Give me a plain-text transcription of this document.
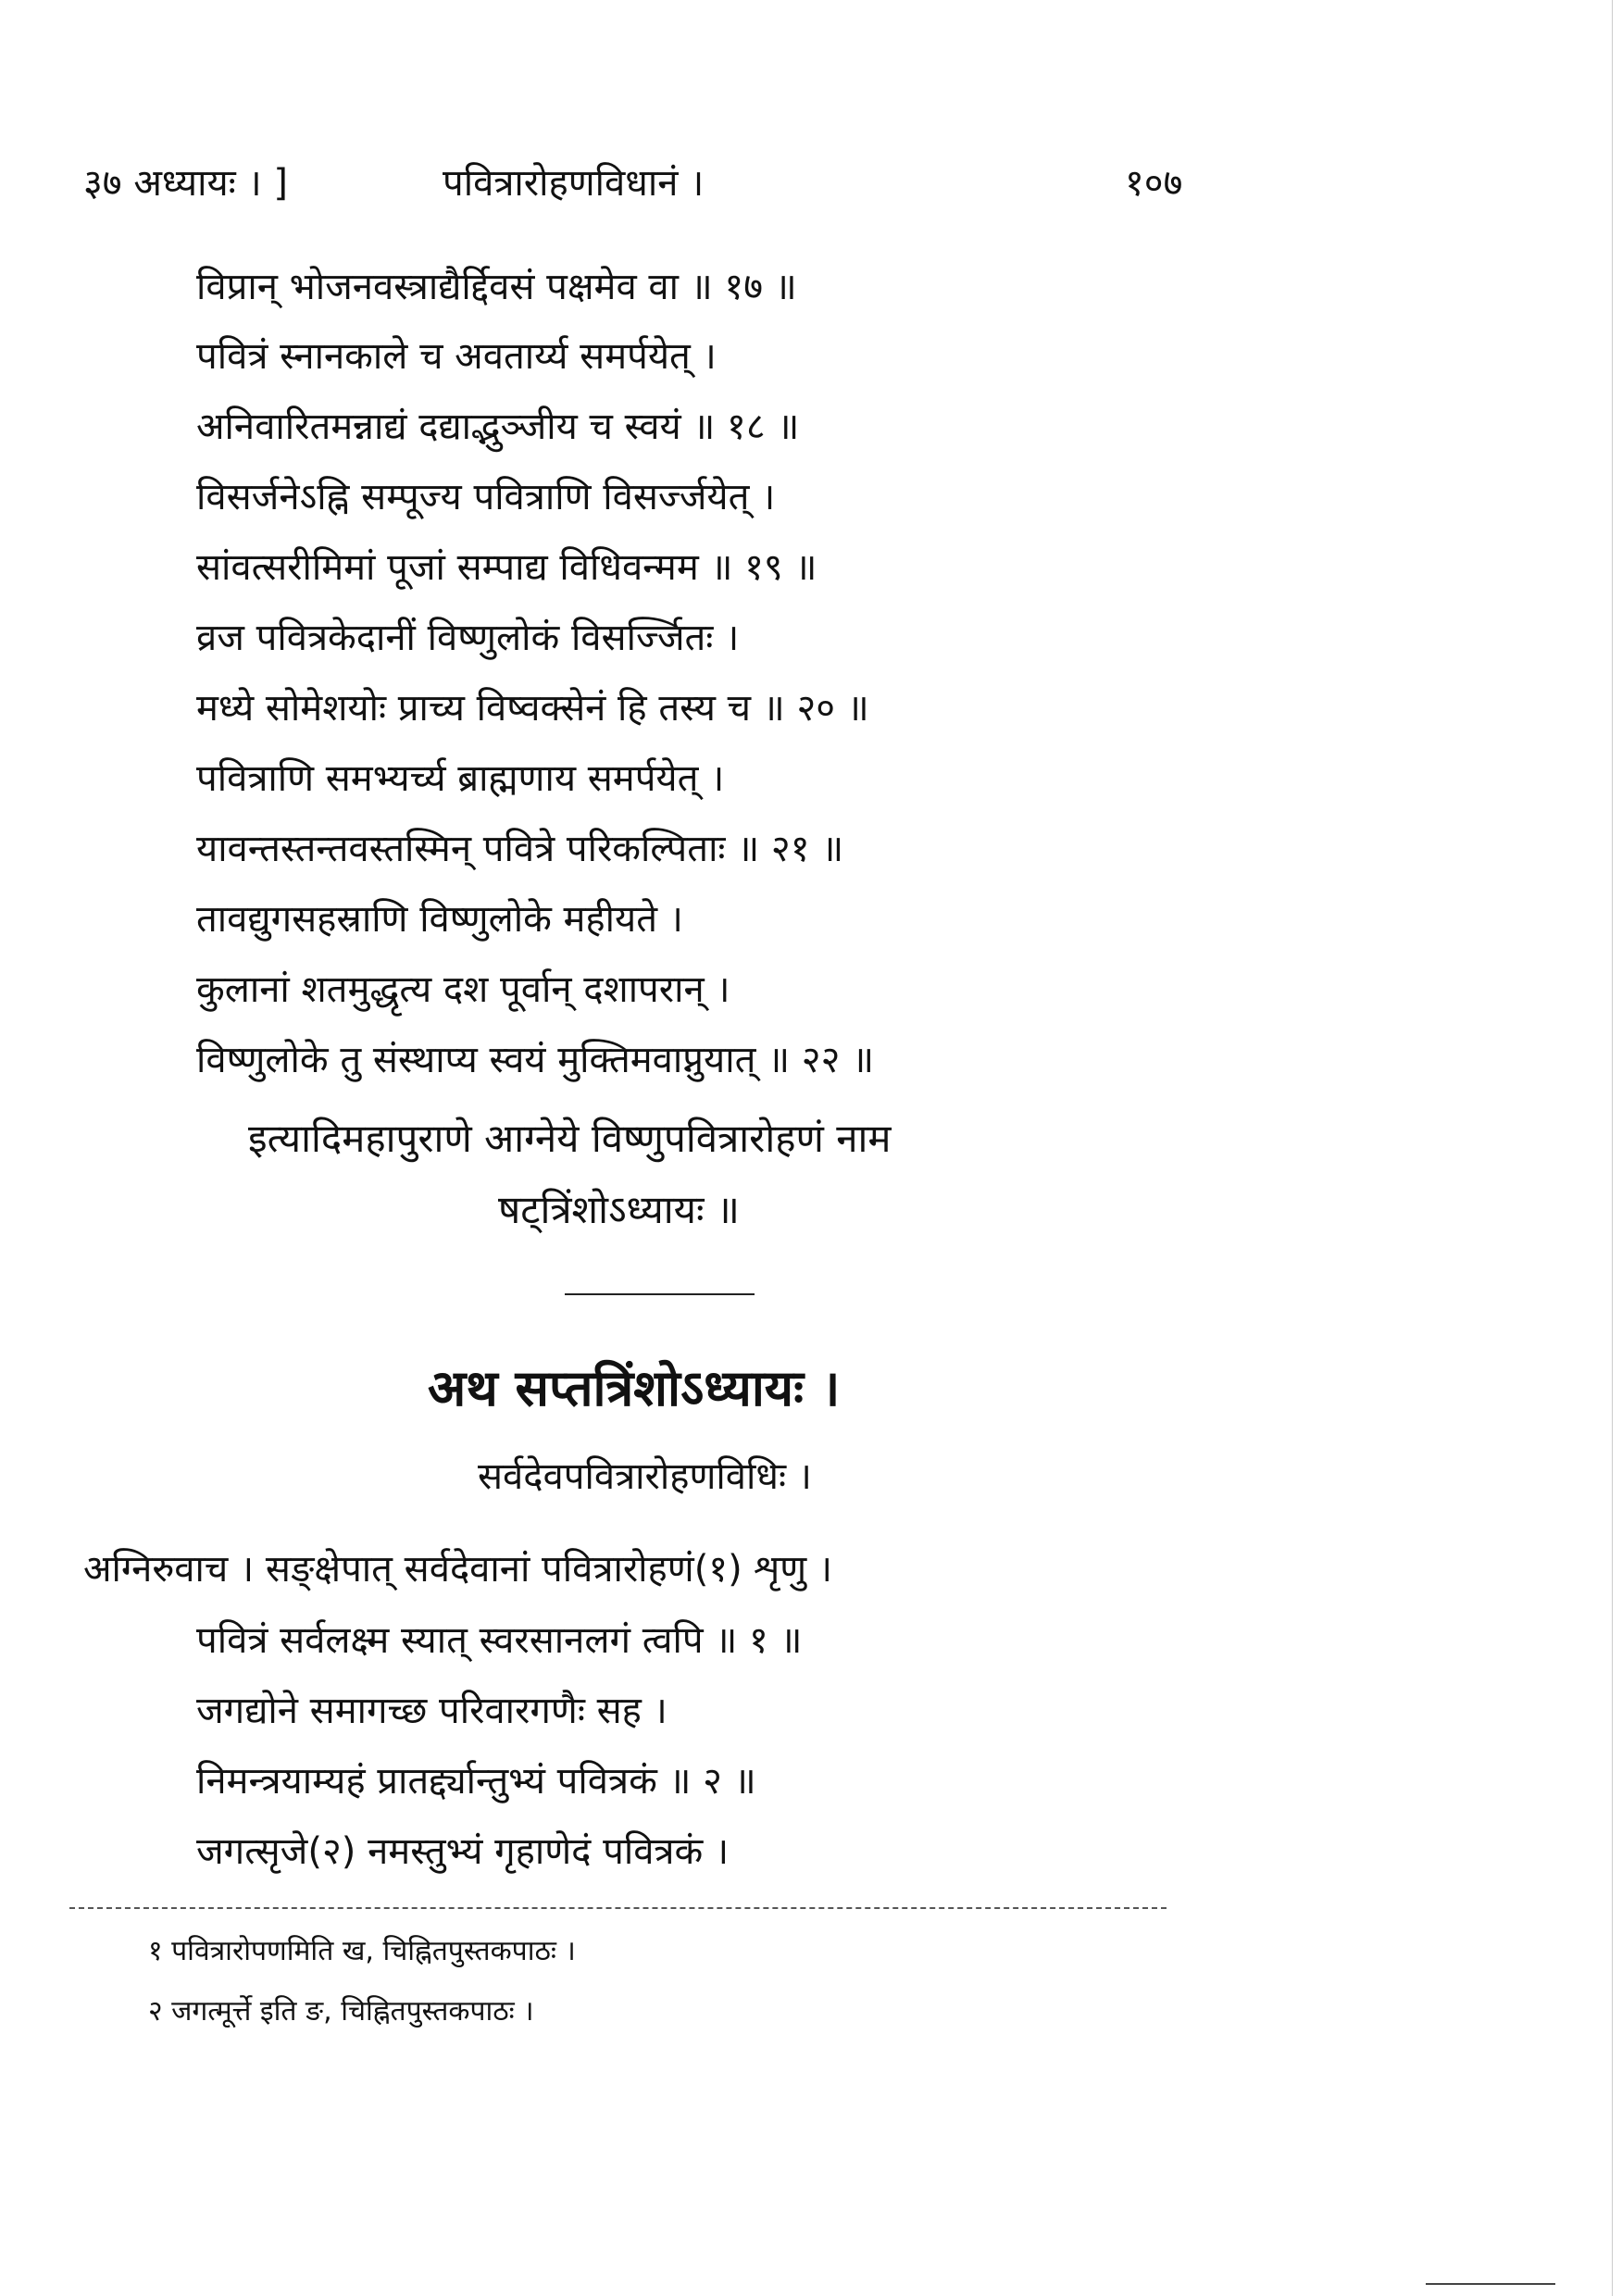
३७ अध्यायः । ]	पवित्रारोहणविधानं ।	१०७
विप्रान् भोजनवस्त्राद्यैर्द्दिवसं पक्षमेव वा ॥ १७ ॥
पवित्रं स्नानकाले च अवतार्य्य समर्पयेत् ।
अनिवारितमन्नाद्यं दद्याद्भुञ्जीय च स्वयं ॥ १८ ॥
विसर्जनेऽह्नि सम्पूज्य पवित्राणि विसर्ज्जयेत् ।
सांवत्सरीमिमां पूजां सम्पाद्य विधिवन्मम ॥ १९ ॥
व्रज पवित्रकेदानीं विष्णुलोकं विसर्ज्जितः ।
मध्ये सोमेशयोः प्राच्य विष्वक्सेनं हि तस्य च ॥ २० ॥
पवित्राणि समभ्यर्च्य ब्राह्मणाय समर्पयेत् ।
यावन्तस्तन्तवस्तस्मिन् पवित्रे परिकल्पिताः ॥ २१ ॥
तावद्युगसहस्राणि विष्णुलोके महीयते ।
कुलानां शतमुद्धृत्य दश पूर्वान् दशापरान् ।
विष्णुलोके तु संस्थाप्य स्वयं मुक्तिमवाप्नुयात् ॥ २२ ॥
इत्यादिमहापुराणे आग्नेये विष्णुपवित्रारोहणं नाम
षट्त्रिंशोऽध्यायः ॥
अथ सप्तत्रिंशोऽध्यायः ।
सर्वदेवपवित्रारोहणविधिः ।
अग्निरुवाच । सङ्क्षेपात् सर्वदेवानां पवित्रारोहणं(१) शृणु ।
पवित्रं सर्वलक्ष्म स्यात् स्वरसानलगं त्वपि ॥ १ ॥
जगद्योने समागच्छ परिवारगणैः सह ।
निमन्त्रयाम्यहं प्रातर्द्द्यान्तुभ्यं पवित्रकं ॥ २ ॥
जगत्सृजे(२) नमस्तुभ्यं गृहाणेदं पवित्रकं ।
१ पवित्रारोपणमिति ख, चिह्नितपुस्तकपाठः ।
२ जगत्मूर्त्ते इति ङ, चिह्नितपुस्तकपाठः ।
